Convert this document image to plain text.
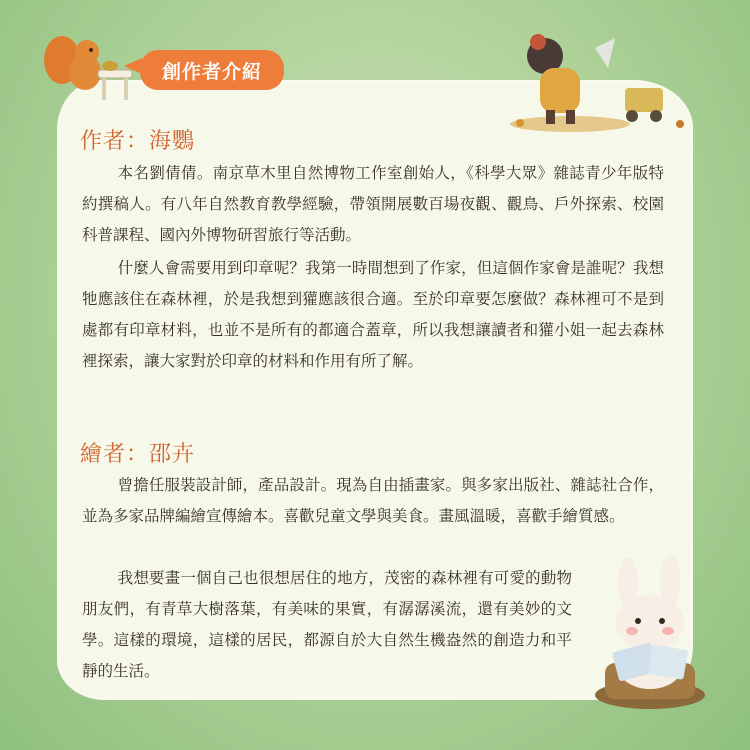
創作者介紹
作者：海鸚
本名劉倩倩。南京草木里自然博物工作室創始人，《科學大眾》雜誌青少年版特約撰稿人。有八年自然教育教學經驗，帶領開展數百場夜觀、觀鳥、戶外探索、校園科普課程、國內外博物研習旅行等活動。
什麼人會需要用到印章呢？我第一時間想到了作家，但這個作家會是誰呢？我想牠應該住在森林裡，於是我想到獾應該很合適。至於印章要怎麼做？森林裡可不是到處都有印章材料，也並不是所有的都適合蓋章，所以我想讓讀者和獾小姐一起去森林裡探索，讓大家對於印章的材料和作用有所了解。
繪者：邵卉
曾擔任服裝設計師，產品設計。現為自由插畫家。與多家出版社、雜誌社合作，並為多家品牌編繪宣傳繪本。喜歡兒童文學與美食。畫風溫暖，喜歡手繪質感。
我想要畫一個自己也很想居住的地方，茂密的森林裡有可愛的動物朋友們，有青草大樹落葉，有美味的果實，有潺潺溪流，還有美妙的文學。這樣的環境，這樣的居民，都源自於大自然生機盎然的創造力和平靜的生活。
